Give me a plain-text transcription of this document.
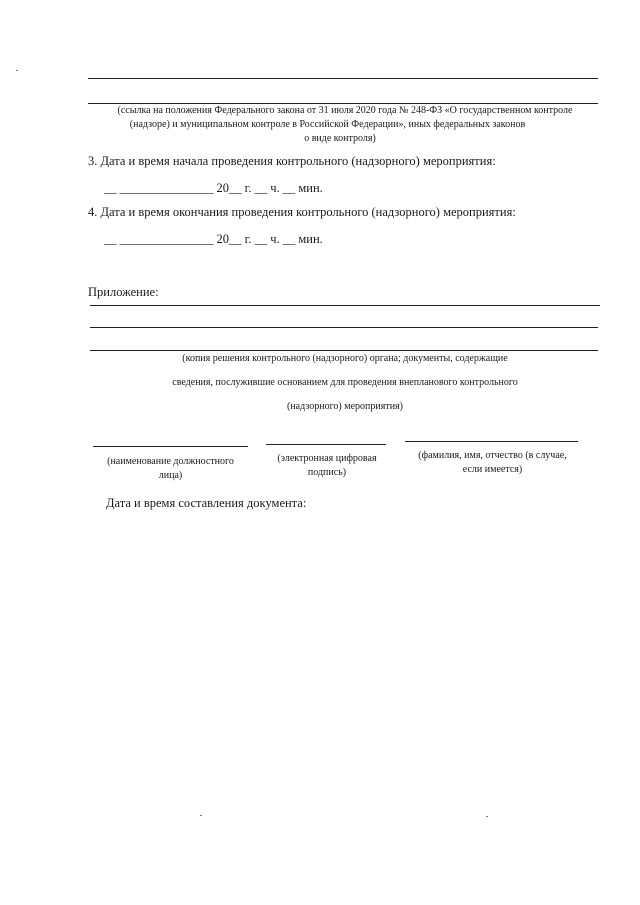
(ссылка на положения Федерального закона от 31 июля 2020 года № 248-ФЗ «О государственном контроле
(надзоре) и муниципальном контроле в Российской Федерации», иных федеральных законов
о виде контроля)
3. Дата и время начала проведения контрольного (надзорного) мероприятия:
__ _______________ 20__ г. __ ч. __ мин.
4. Дата и время окончания проведения контрольного (надзорного) мероприятия:
__ _______________ 20__ г. __ ч. __ мин.
Приложение:
(копия решения контрольного (надзорного) органа; документы, содержащие
сведения, послужившие основанием для проведения внепланового контрольного
(надзорного) мероприятия)
(наименование должностного
лица)
(электронная цифровая
подпись)
(фамилия, имя, отчество (в случае,
если имеется)
Дата и время составления документа:
